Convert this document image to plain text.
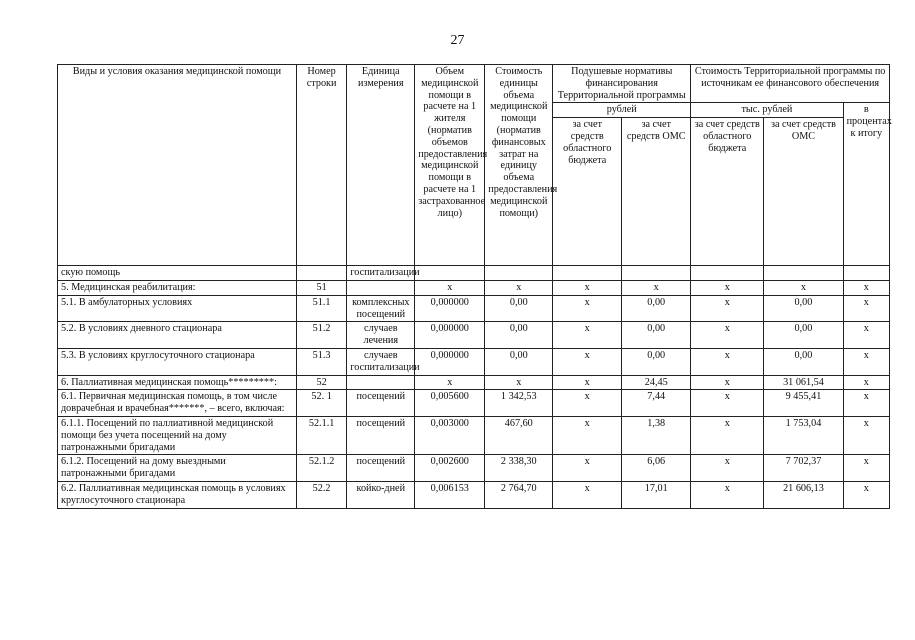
27
Виды и условия оказания медицинской помощи	Номер строки	Единица измерения	Объем медицинской помощи в расчете на 1 жителя (норматив объемов предоставления медицинской помощи в расчете на 1 застрахованное лицо)	Стоимость единицы объема медицинской помощи (норматив финансовых затрат на единицу объема предоставления медицинской помощи)	Подушевые нормативы финансирования Территориальной программы		Стоимость Территориальной программы по источникам ее финансового обеспечения		
					рублей		тыс. рублей		в процентах к итогу
					за счет средств областного бюджета	за счет средств ОМС	за счет средств областного бюджета	за счет средств ОМС	
скую помощь		госпитализации							
5. Медицинская реабилитация:	51		x	x	x	x	x	x	x
5.1. В амбулаторных условиях	51.1	комплексных посещений	0,000000	0,00	x	0,00	x	0,00	x
5.2. В условиях дневного стационара	51.2	случаев лечения	0,000000	0,00	x	0,00	x	0,00	x
5.3. В условиях круглосуточного стационара	51.3	случаев госпитализации	0,000000	0,00	x	0,00	x	0,00	x
6. Паллиативная медицинская помощь*********:	52		x	x	x	24,45	x	31 061,54	x
6.1. Первичная медицинская помощь, в том числе доврачебная и врачебная*******, – всего, включая:	52. 1	посещений	0,005600	1 342,53	x	7,44	x	9 455,41	x
6.1.1. Посещений по паллиативной медицинской помощи без учета посещений на дому патронажными бригадами	52.1.1	посещений	0,003000	467,60	x	1,38	x	1 753,04	x
6.1.2. Посещений на дому выездными патронажными бригадами	52.1.2	посещений	0,002600	2 338,30	x	6,06	x	7 702,37	x
6.2. Паллиативная медицинская помощь в условиях круглосуточного стационара	52.2	койко-дней	0,006153	2 764,70	x	17,01	x	21 606,13	x
